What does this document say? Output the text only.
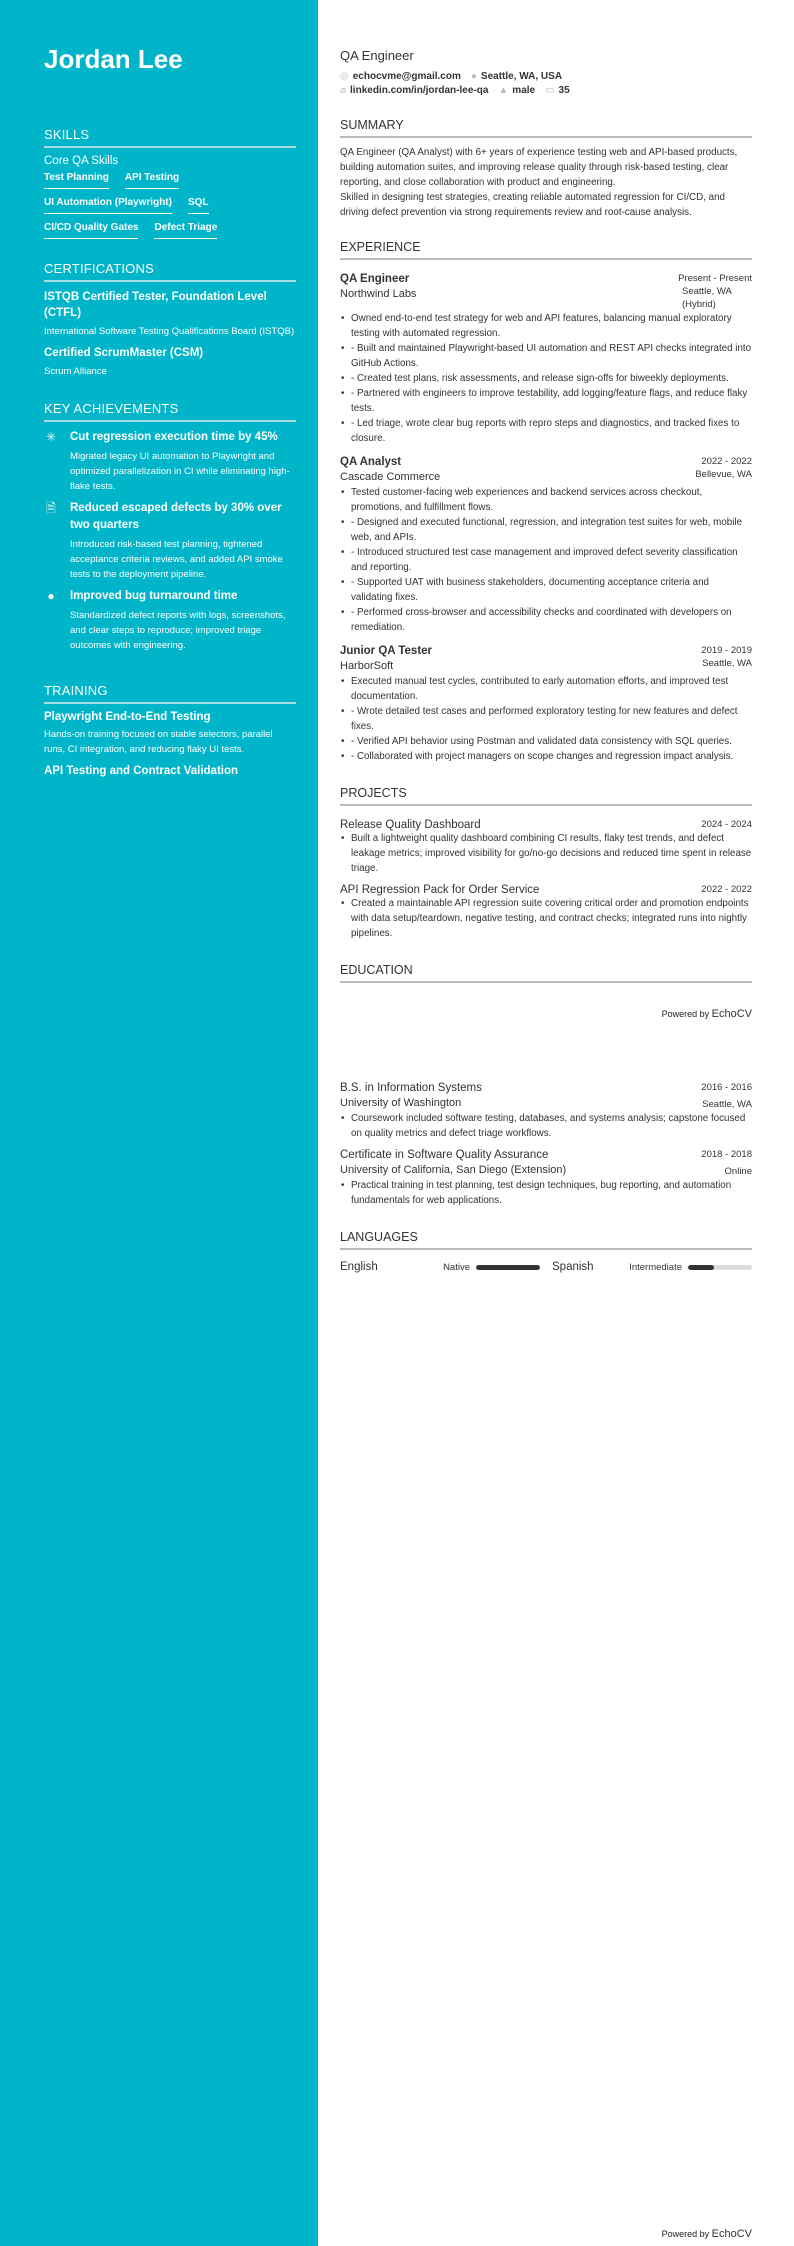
Jordan Lee
SKILLS
Core QA Skills
Test Planning API Testing
UI Automation (Playwright) SQL
CI/CD Quality Gates Defect Triage
CERTIFICATIONS
ISTQB Certified Tester, Foundation Level (CTFL)
International Software Testing Qualifications Board (ISTQB)
Certified ScrumMaster (CSM)
Scrum Alliance
KEY ACHIEVEMENTS
✳ Cut regression execution time by 45%
Migrated legacy UI automation to Playwright and optimized parallelization in CI while eliminating high-flake tests.
🗎 Reduced escaped defects by 30% over two quarters
Introduced risk-based test planning, tightened acceptance criteria reviews, and added API smoke tests to the deployment pipeline.
● Improved bug turnaround time
Standardized defect reports with logs, screenshots, and clear steps to reproduce; improved triage outcomes with engineering.
TRAINING
Playwright End-to-End Testing
Hands-on training focused on stable selectors, parallel runs, CI integration, and reducing flaky UI tests.
API Testing and Contract Validation
QA Engineer
◎ echocvme@gmail.com ● Seattle, WA, USA
⌀ linkedin.com/in/jordan-lee-qa ▲ male ▭ 35
SUMMARY

QA Engineer (QA Analyst) with 6+ years of experience testing web and API-based products, building automation suites, and improving release quality through risk-based testing, clear reporting, and close collaboration with product and engineering.

Skilled in designing test strategies, creating reliable automated regression for CI/CD, and driving defect prevention via strong requirements review and root-cause analysis.

EXPERIENCE
QA Engineer	Present - Present
Northwind Labs	Seattle, WA (Hybrid)
• Owned end-to-end test strategy for web and API features, balancing manual exploratory testing with automated regression.
• - Built and maintained Playwright-based UI automation and REST API checks integrated into GitHub Actions.
• - Created test plans, risk assessments, and release sign-offs for biweekly deployments.
• - Partnered with engineers to improve testability, add logging/feature flags, and reduce flaky tests.
• - Led triage, wrote clear bug reports with repro steps and diagnostics, and tracked fixes to closure.
QA Analyst	2022 - 2022
Cascade Commerce	Bellevue, WA
• Tested customer-facing web experiences and backend services across checkout, promotions, and fulfillment flows.
• - Designed and executed functional, regression, and integration test suites for web, mobile web, and APIs.
• - Introduced structured test case management and improved defect severity classification and reporting.
• - Supported UAT with business stakeholders, documenting acceptance criteria and validating fixes.
• - Performed cross-browser and accessibility checks and coordinated with developers on remediation.
Junior QA Tester	2019 - 2019
HarborSoft	Seattle, WA
• Executed manual test cycles, contributed to early automation efforts, and improved test documentation.
• - Wrote detailed test cases and performed exploratory testing for new features and defect fixes.
• - Verified API behavior using Postman and validated data consistency with SQL queries.
• - Collaborated with project managers on scope changes and regression impact analysis.
PROJECTS
Release Quality Dashboard	2024 - 2024
• Built a lightweight quality dashboard combining CI results, flaky test trends, and defect leakage metrics; improved visibility for go/no-go decisions and reduced time spent in release triage.
API Regression Pack for Order Service	2022 - 2022
• Created a maintainable API regression suite covering critical order and promotion endpoints with data setup/teardown, negative testing, and contract checks; integrated runs into nightly pipelines.
EDUCATION
Powered by EchoCV
B.S. in Information Systems	2016 - 2016
University of Washington	Seattle, WA
• Coursework included software testing, databases, and systems analysis; capstone focused on quality metrics and defect triage workflows.
Certificate in Software Quality Assurance	2018 - 2018
University of California, San Diego (Extension)	Online
• Practical training in test planning, test design techniques, bug reporting, and automation fundamentals for web applications.
LANGUAGES
English	Native	Spanish	Intermediate
Powered by EchoCV
